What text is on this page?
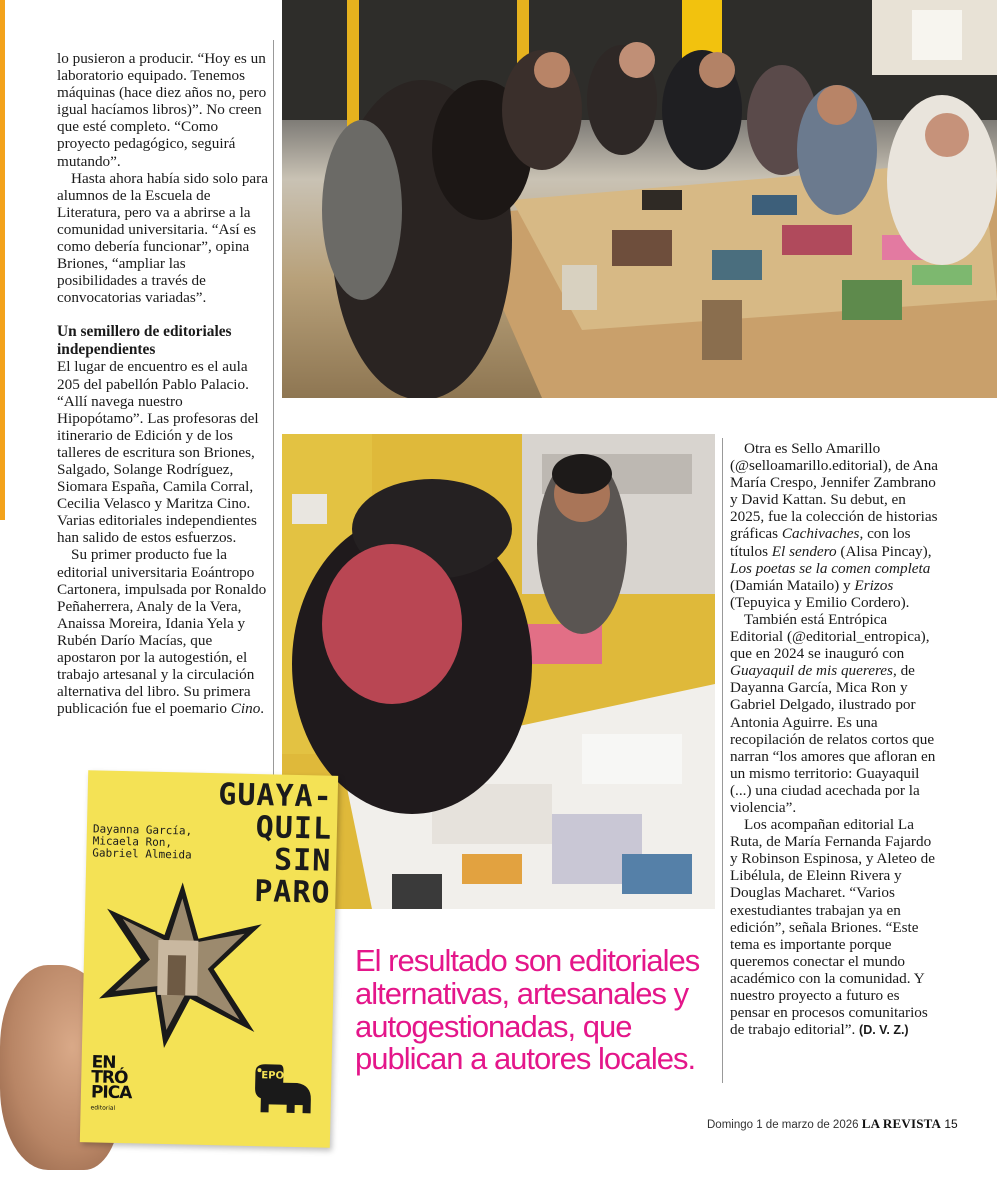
lo pusieron a producir. “Hoy es un laboratorio equipado. Tenemos máquinas (hace diez años no, pero igual hacíamos libros)”. No creen que esté completo. “Como proyecto pedagógico, seguirá mutando”.

Hasta ahora había sido solo para alumnos de la Escuela de Literatura, pero va a abrirse a la comunidad universitaria. “Así es como debería funcionar”, opina Briones, “ampliar las posibilidades a través de convocatorias variadas”.

Un semillero de editoriales independientes

El lugar de encuentro es el aula 205 del pabellón Pablo Palacio. “Allí navega nuestro Hipopótamo”. Las profesoras del itinerario de Edición y de los talleres de escritura son Briones, Salgado, Solange Rodríguez, Siomara España, Camila Corral, Cecilia Velasco y Maritza Cino. Varias editoriales independientes han salido de estos esfuerzos.

Su primer producto fue la editorial universitaria Eoántropo Cartonera, impulsada por Ronaldo Peñaherrera, Analy de la Vera, Anaissa Moreira, Idania Yela y Rubén Darío Macías, que apostaron por la autogestión, el trabajo artesanal y la circulación alternativa del libro. Su primera publicación fue el poemario Cino.

Otra es Sello Amarillo (@selloamarillo.editorial), de Ana María Crespo, Jennifer Zambrano y David Kattan. Su debut, en 2025, fue la colección de historias gráficas Cachivaches, con los títulos El sendero (Alisa Pincay), Los poetas se la comen completa (Damián Matailo) y Erizos (Tepuyica y Emilio Cordero).

También está Entrópica Editorial (@editorial_entropica), que en 2024 se inauguró con Guayaquil de mis quereres, de Dayanna García, Mica Ron y Gabriel Delgado, ilustrado por Antonia Aguirre. Es una recopilación de relatos cortos que narran “los amores que afloran en un mismo territorio: Guayaquil (...) una ciudad acechada por la violencia”.

Los acompañan editorial La Ruta, de María Fernanda Fajardo y Robinson Espinosa, y Aleteo de Libélula, de Eleinn Rivera y Douglas Macharet. “Varios exestudiantes trabajan ya en edición”, señala Briones. “Este tema es importante porque queremos conectar el mundo académico con la comunidad. Y nuestro proyecto a futuro es pensar en procesos comunitarios de trabajo editorial”. (D. V. Z.)

El resultado son editoriales alternativas, artesanales y autogestionadas, que publican a autores locales.
GUAYA-
QUIL
SIN
PARO
Dayanna García,
Micaela Ron,
Gabriel Almeida
EN
TRÓ
PICA
editorial
EPO
Domingo 1 de marzo de 2026 LA REVISTA 15
